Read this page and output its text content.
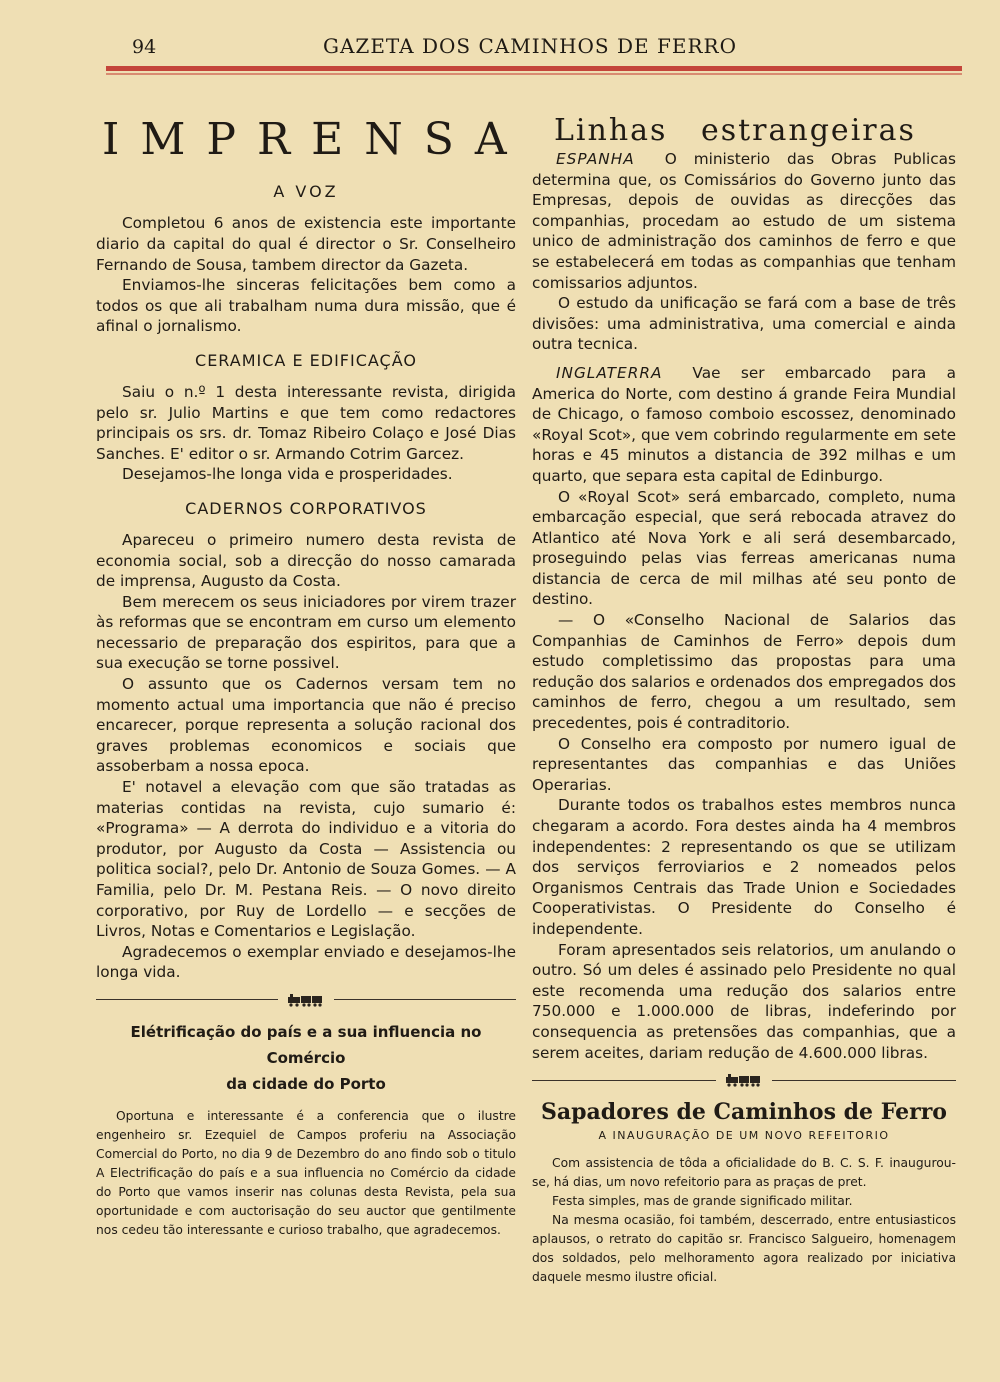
94	GAZETA DOS CAMINHOS DE FERRO
IMPRENSA
A VOZ

Completou 6 anos de existencia este importante diario da capital do qual é director o Sr. Conselheiro Fernando de Sousa, tambem director da Gazeta.

Enviamos-lhe sinceras felicitações bem como a todos os que ali trabalham numa dura missão, que é afinal o jornalismo.

CERAMICA E EDIFICAÇÃO

Saiu o n.º 1 desta interessante revista, dirigida pelo sr. Julio Martins e que tem como redactores principais os srs. dr. Tomaz Ribeiro Colaço e José Dias Sanches. E' editor o sr. Armando Cotrim Garcez.

Desejamos-lhe longa vida e prosperidades.

CADERNOS CORPORATIVOS

Apareceu o primeiro numero desta revista de economia social, sob a direcção do nosso camarada de imprensa, Augusto da Costa.

Bem merecem os seus iniciadores por virem trazer às reformas que se encontram em curso um elemento necessario de preparação dos espiritos, para que a sua execução se torne possivel.

O assunto que os Cadernos versam tem no momento actual uma importancia que não é preciso encarecer, porque representa a solução racional dos graves problemas economicos e sociais que assoberbam a nossa epoca.

E' notavel a elevação com que são tratadas as materias contidas na revista, cujo sumario é: «Programa» — A derrota do individuo e a vitoria do produtor, por Augusto da Costa — Assistencia ou politica social?, pelo Dr. Antonio de Souza Gomes. — A Familia, pelo Dr. M. Pestana Reis. — O novo direito corporativo, por Ruy de Lordello — e secções de Livros, Notas e Comentarios e Legislação.

Agradecemos o exemplar enviado e desejamos-lhe longa vida.

Elétrificação do país e a sua influencia no Comércio
da cidade do Porto

Oportuna e interessante é a conferencia que o ilustre engenheiro sr. Ezequiel de Campos proferiu na Associação Comercial do Porto, no dia 9 de Dezembro do ano findo sob o titulo A Electrificação do país e a sua influencia no Comércio da cidade do Porto que vamos inserir nas colunas desta Revista, pela sua oportunidade e com auctorisação do seu auctor que gentilmente nos cedeu tão interessante e curioso trabalho, que agradecemos.

Linhas estrangeiras
ESPANHA	O ministerio das Obras Publicas determina que, os Comissários do Governo junto das Empresas, depois de ouvidas as direcções das companhias, procedam ao estudo de um sistema unico de administração dos caminhos de ferro e que se estabelecerá em todas as companhias que tenham comissarios adjuntos.

O estudo da unificação se fará com a base de três divisões: uma administrativa, uma comercial e ainda outra tecnica.

INGLATERRA	Vae ser embarcado para a America do Norte, com destino á grande Feira Mundial de Chicago, o famoso comboio escossez, denominado «Royal Scot», que vem cobrindo regularmente em sete horas e 45 minutos a distancia de 392 milhas e um quarto, que separa esta capital de Edinburgo.

O «Royal Scot» será embarcado, completo, numa embarcação especial, que será rebocada atravez do Atlantico até Nova York e ali será desembarcado, proseguindo pelas vias ferreas americanas numa distancia de cerca de mil milhas até seu ponto de destino.

— O «Conselho Nacional de Salarios das Companhias de Caminhos de Ferro» depois dum estudo completissimo das propostas para uma redução dos salarios e ordenados dos empregados dos caminhos de ferro, chegou a um resultado, sem precedentes, pois é contraditorio.

O Conselho era composto por numero igual de representantes das companhias e das Uniões Operarias.

Durante todos os trabalhos estes membros nunca chegaram a acordo. Fora destes ainda ha 4 membros independentes: 2 representando os que se utilizam dos serviços ferroviarios e 2 nomeados pelos Organismos Centrais das Trade Union e Sociedades Cooperativistas. O Presidente do Conselho é independente.

Foram apresentados seis relatorios, um anulando o outro. Só um deles é assinado pelo Presidente no qual este recomenda uma redução dos salarios entre 750.000 e 1.000.000 de libras, indeferindo por consequencia as pretensões das companhias, que a serem aceites, dariam redução de 4.600.000 libras.

Sapadores de Caminhos de Ferro
A INAUGURAÇÃO DE UM NOVO REFEITORIO

Com assistencia de tôda a oficialidade do B. C. S. F. inaugurou-se, há dias, um novo refeitorio para as praças de pret.

Festa simples, mas de grande significado militar.

Na mesma ocasião, foi também, descerrado, entre entusiasticos aplausos, o retrato do capitão sr. Francisco Salgueiro, homenagem dos soldados, pelo melhoramento agora realizado por iniciativa daquele mesmo ilustre oficial.
